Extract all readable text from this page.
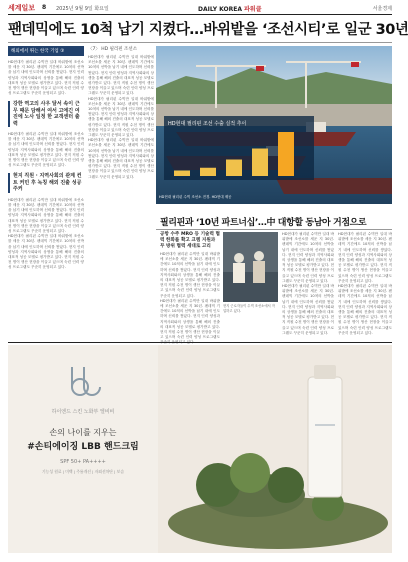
세계일보 8 2025년 9월 9일 화요일	DAILY KOREA 파워클	서울경제
팬데믹에도 10척 납기 지켰다…바위밭을 ‘조선시티’로 일군 30년
해외에서 뛰는 한국 기업 ③
HD현대가 필리핀 수빅만 일대 바위밭에 조선소를 세운 지 30년. 팬데믹 기간에도 10척의 선박을 납기 내에 인도하며 신뢰를 쌓았다. 현지 인력 양성과 지역사회와의 상생을 통해 해외 진출의 대표적 성공 모델로 평가받고 있다. 현지 직원 수천 명이 생산 현장을 이끌고 있으며 숙련 인력 양성 프로그램도 꾸준히 운영되고 있다.
강한 역고의 사우 달서 속이 근무 때문 담해서 여서 고에긴 여진에 노사 일정 한 교객센터 출력
HD현대가 필리핀 수빅만 일대 바위밭에 조선소를 세운 지 30년. 팬데믹 기간에도 10척의 선박을 납기 내에 인도하며 신뢰를 쌓았다. 현지 인력 양성과 지역사회와의 상생을 통해 해외 진출의 대표적 성공 모델로 평가받고 있다. 현지 직원 수천 명이 생산 현장을 이끌고 있으며 숙련 인력 양성 프로그램도 꾸준히 운영되고 있다.
현지 직원 · 지역사회의 관계 컨트 커민 후 녹칭 해외 진출 성공 주커
HD현대가 필리핀 수빅만 일대 바위밭에 조선소를 세운 지 30년. 팬데믹 기간에도 10척의 선박을 납기 내에 인도하며 신뢰를 쌓았다. 현지 인력 양성과 지역사회와의 상생을 통해 해외 진출의 대표적 성공 모델로 평가받고 있다. 현지 직원 수천 명이 생산 현장을 이끌고 있으며 숙련 인력 양성 프로그램도 꾸준히 운영되고 있다.
HD현대가 필리핀 수빅만 일대 바위밭에 조선소를 세운 지 30년. 팬데믹 기간에도 10척의 선박을 납기 내에 인도하며 신뢰를 쌓았다. 현지 인력 양성과 지역사회와의 상생을 통해 해외 진출의 대표적 성공 모델로 평가받고 있다. 현지 직원 수천 명이 생산 현장을 이끌고 있으며 숙련 인력 양성 프로그램도 꾸준히 운영되고 있다.
〈7〉 HD 필리핀 조선소
HD현대가 필리핀 수빅만 일대 바위밭에 조선소를 세운 지 30년. 팬데믹 기간에도 10척의 선박을 납기 내에 인도하며 신뢰를 쌓았다. 현지 인력 양성과 지역사회와의 상생을 통해 해외 진출의 대표적 성공 모델로 평가받고 있다. 현지 직원 수천 명이 생산 현장을 이끌고 있으며 숙련 인력 양성 프로그램도 꾸준히 운영되고 있다.
HD현대가 필리핀 수빅만 일대 바위밭에 조선소를 세운 지 30년. 팬데믹 기간에도 10척의 선박을 납기 내에 인도하며 신뢰를 쌓았다. 현지 인력 양성과 지역사회와의 상생을 통해 해외 진출의 대표적 성공 모델로 평가받고 있다. 현지 직원 수천 명이 생산 현장을 이끌고 있으며 숙련 인력 양성 프로그램도 꾸준히 운영되고 있다.
HD현대가 필리핀 수빅만 일대 바위밭에 조선소를 세운 지 30년. 팬데믹 기간에도 10척의 선박을 납기 내에 인도하며 신뢰를 쌓았다. 현지 인력 양성과 지역사회와의 상생을 통해 해외 진출의 대표적 성공 모델로 평가받고 있다. 현지 직원 수천 명이 생산 현장을 이끌고 있으며 숙련 인력 양성 프로그램도 꾸준히 운영되고 있다.
HD현대 필리핀 조선 수출 실적 추이
HD현대 필리핀 수빅 조선소 전경. HD현대 제공
필리핀과 ‘10년 파트너십’…中 대항할 동남아 거점으로
공항 수주 MRO 등 기술력 협력 한화를 확고 크렘 지원과 무 방위 협력 세대로 고리
HD현대가 필리핀 수빅만 일대 바위밭에 조선소를 세운 지 30년. 팬데믹 기간에도 10척의 선박을 납기 내에 인도하며 신뢰를 쌓았다. 현지 인력 양성과 지역사회와의 상생을 통해 해외 진출의 대표적 성공 모델로 평가받고 있다. 현지 직원 수천 명이 생산 현장을 이끌고 있으며 숙련 인력 양성 프로그램도 꾸준히 운영되고 있다.
HD현대가 필리핀 수빅만 일대 바위밭에 조선소를 세운 지 30년. 팬데믹 기간에도 10척의 선박을 납기 내에 인도하며 신뢰를 쌓았다. 현지 인력 양성과 지역사회와의 상생을 통해 해외 진출의 대표적 성공 모델로 평가받고 있다. 현지 직원 수천 명이 생산 현장을 이끌고 있으며 숙련 인력 양성 프로그램도
현지 근로자들이 수빅 조선소에서 작업하고 있다.
HD현대가 필리핀 수빅만 일대 바위밭에 조선소를 세운 지 30년. 팬데믹 기간에도 10척의 선박을 납기 내에 인도하며 신뢰를 쌓았다. 현지 인력 양성과 지역사회와의 상생을 통해 해외 진출의 대표적 성공 모델로 평가받고 있다. 현지 직원 수천 명이 생산 현장을 이끌고 있으며 숙련 인력 양성 프로그램도 꾸준히 운영되고 있다.
HD현대가 필리핀 수빅만 일대 바위밭에 조선소를 세운 지 30년. 팬데믹 기간에도 10척의 선박을 납기 내에 인도하며 신뢰를 쌓았다. 현지 인력 양성과 지역사회와의 상생을 통해 해외 진출의 대표적 성공 모델로 평가받고 있다. 현지 직원 수천 명이 생산 현장을 이끌고 있으며 숙련 인력 양성 프로그램도 꾸준히 운영되고 있다.
HD현대가 필리핀 수빅만 일대 바위밭에 조선소를 세운 지 30년. 팬데믹 기간에도 10척의 선박을 납기 내에 인도하며 신뢰를 쌓았다. 현지 인력 양성과 지역사회와의 상생을 통해 해외 진출의 대표적 성공 모델로 평가받고 있다. 현지 직원 수천 명이 생산 현장을 이끌고 있으며 숙련 인력 양성 프로그램도 꾸준히 운영되고 있다.
HD현대가 필리핀 수빅만 일대 바위밭에 조선소를 세운 지 30년. 팬데믹 기간에도 10척의 선박을 납기 내에 인도하며 신뢰를 쌓았다. 현지 인력 양성과 지역사회와의 상생을 통해 해외 진출의 대표적 성공 모델로 평가받고 있다. 현지 직원 수천 명이 생산 현장을 이끌고 있으며 숙련 인력 양성 프로그램도 꾸준히 운영되고 있다.
하이엔드 스킨 노화부 엘비비
손의 나이를 지우는
#손티에이징 LBB 핸드크림
SPF 50+ PA++++
기능성 원료 | 미백 | 주름개선 | 자외선차단 | 보습
